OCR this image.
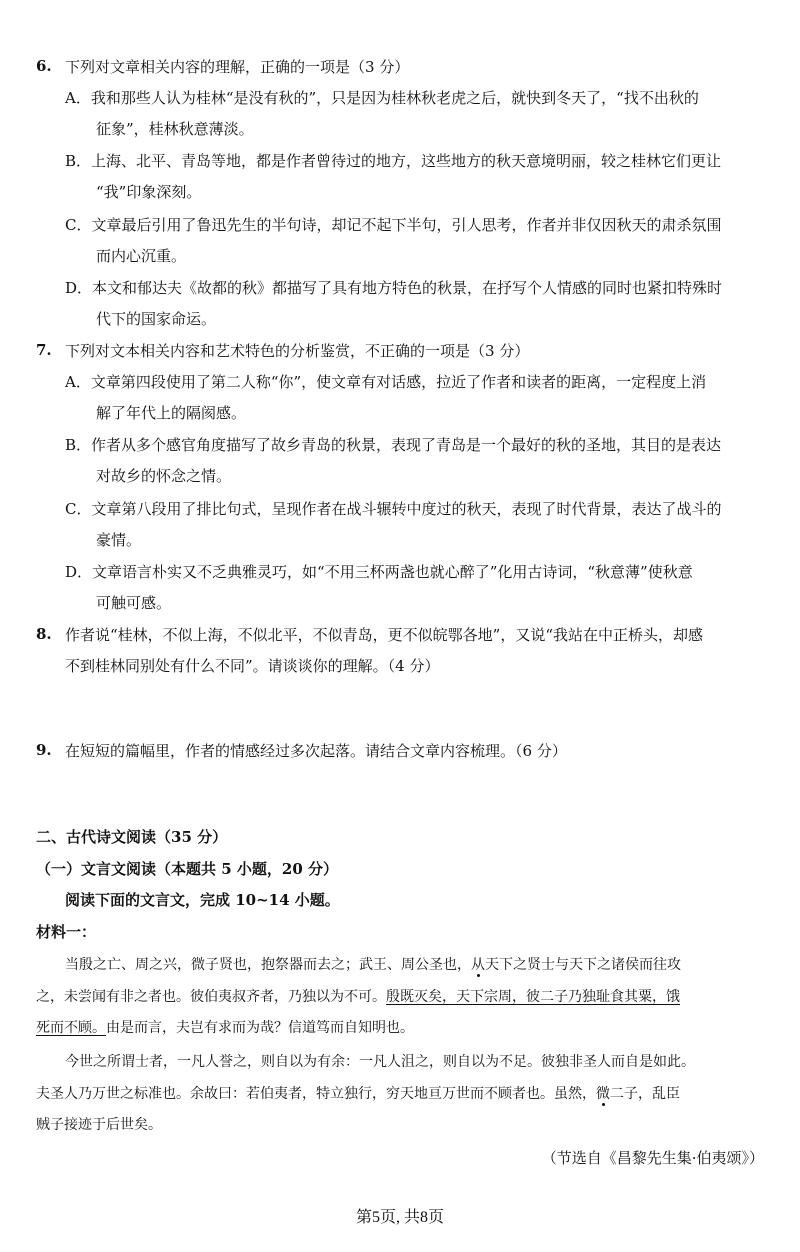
6. 下列对文章相关内容的理解，正确的一项是（3 分）
A．我和那些人认为桂林“是没有秋的”，只是因为桂林秋老虎之后，就快到冬天了，“找不出秋的
征象”，桂林秋意薄淡。
B．上海、北平、青岛等地，都是作者曾待过的地方，这些地方的秋天意境明丽，较之桂林它们更让
“我”印象深刻。
C．文章最后引用了鲁迅先生的半句诗，却记不起下半句，引人思考，作者并非仅因秋天的肃杀氛围
而内心沉重。
D．本文和郁达夫《故都的秋》都描写了具有地方特色的秋景，在抒写个人情感的同时也紧扣特殊时
代下的国家命运。
7. 下列对文本相关内容和艺术特色的分析鉴赏，不正确的一项是（3 分）
A．文章第四段使用了第二人称“你”，使文章有对话感，拉近了作者和读者的距离，一定程度上消
解了年代上的隔阂感。
B．作者从多个感官角度描写了故乡青岛的秋景，表现了青岛是一个最好的秋的圣地，其目的是表达
对故乡的怀念之情。
C．文章第八段用了排比句式，呈现作者在战斗辗转中度过的秋天，表现了时代背景，表达了战斗的
豪情。
D．文章语言朴实又不乏典雅灵巧，如“不用三杯两盏也就心醉了”化用古诗词，“秋意薄”使秋意
可触可感。
8. 作者说“桂林，不似上海，不似北平，不似青岛，更不似皖鄂各地”，又说“我站在中正桥头，却感
不到桂林同别处有什么不同”。请谈谈你的理解。（4 分）
9. 在短短的篇幅里，作者的情感经过多次起落。请结合文章内容梳理。（6 分）
二、古代诗文阅读（35 分）
（一）文言文阅读（本题共 5 小题，20 分）
阅读下面的文言文，完成 10~14 小题。
材料一：
当殷之亡、周之兴，微子贤也，抱祭器而去之；武王、周公圣也，从天下之贤士与天下之诸侯而往攻
之，未尝闻有非之者也。彼伯夷叔齐者，乃独以为不可。殷既灭矣，天下宗周，彼二子乃独耻食其粟，饿
死而不顾。由是而言，夫岂有求而为哉？信道笃而自知明也。
今世之所谓士者，一凡人誉之，则自以为有余：一凡人沮之，则自以为不足。彼独非圣人而自是如此。
夫圣人乃万世之标准也。余故曰：若伯夷者，特立独行，穷天地亘万世而不顾者也。虽然，微二子，乱臣
贼子接迹于后世矣。
（节选自《昌黎先生集·伯夷颂》）
第5页, 共8页
